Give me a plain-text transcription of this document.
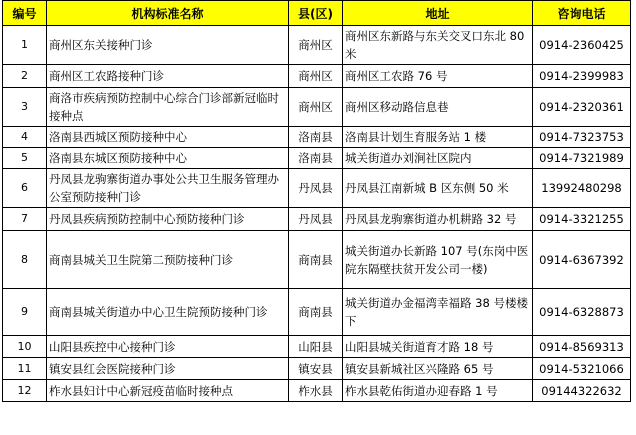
编号	机构标准名称	县(区)	地址	咨询电话
1	商州区东关接种门诊	商州区	商州区东新路与东关交叉口东北 80 米	0914-2360425
2	商州区工农路接种门诊	商州区	商州区工农路 76 号	0914-2399983
3	商洛市疾病预防控制中心综合门诊部新冠临时接种点	商州区	商州区移动路信息巷	0914-2320361
4	洛南县西城区预防接种中心	洛南县	洛南县计划生育服务站 1 楼	0914-7323753
5	洛南县东城区预防接种中心	洛南县	城关街道办刘涧社区院内	0914-7321989
6	丹凤县龙驹寨街道办事处公共卫生服务管理办公室预防接种门诊	丹凤县	丹凤县江南新城 B 区东侧 50 米	13992480298
7	丹凤县疾病预防控制中心预防接种门诊	丹凤县	丹凤县龙驹寨街道办机耕路 32 号	0914-3321255
8	商南县城关卫生院第二预防接种门诊	商南县	城关街道办长新路 107 号(东岗中医院东隔壁扶贫开发公司一楼)	0914-6367392
9	商南县城关街道办中心卫生院预防接种门诊	商南县	城关街道办金福湾幸福路 38 号楼楼下	0914-6328873
10	山阳县疾控中心接种门诊	山阳县	山阳县城关街道育才路 18 号	0914-8569313
11	镇安县红会医院接种门诊	镇安县	镇安县新城社区兴隆路 65 号	0914-5321066
12	柞水县妇计中心新冠疫苗临时接种点	柞水县	柞水县乾佑街道办迎春路 1 号	09144322632
